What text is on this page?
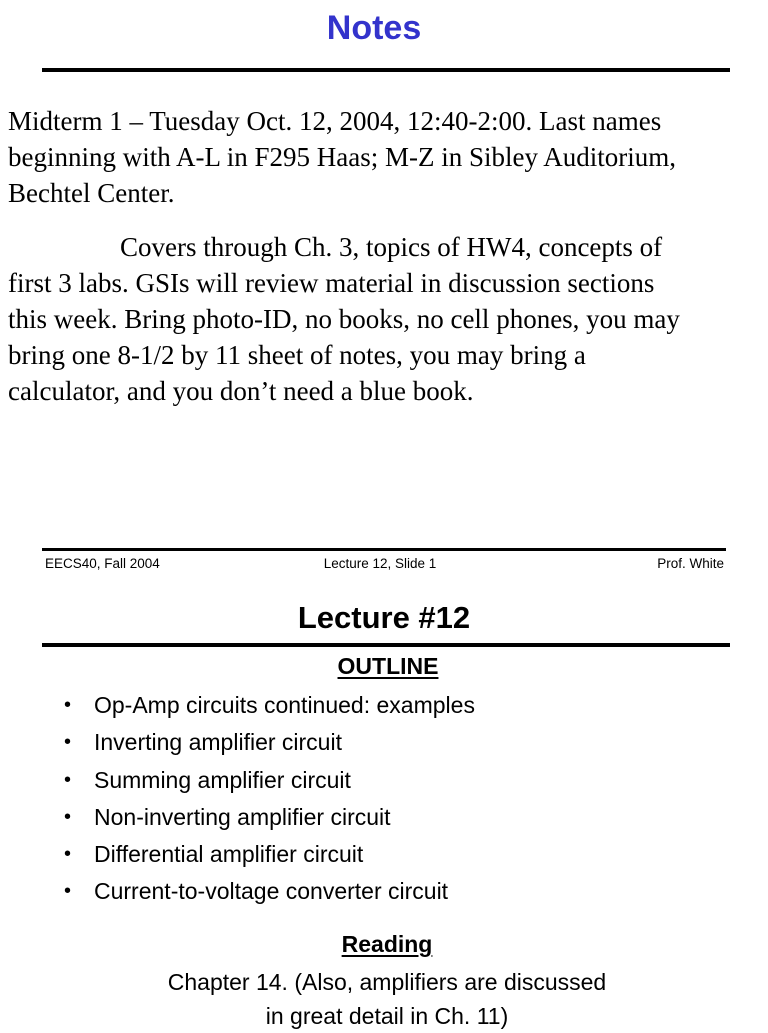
Notes

Midterm 1 – Tuesday Oct. 12, 2004, 12:40-2:00. Last names
beginning with A-L in F295 Haas; M-Z in Sibley Auditorium,
Bechtel Center.

Covers through Ch. 3, topics of HW4, concepts of
first 3 labs. GSIs will review material in discussion sections
this week. Bring photo-ID, no books, no cell phones, you may
bring one 8-1/2 by 11 sheet of notes, you may bring a
calculator, and you don’t need a blue book.

EECS40, Fall 2004	Lecture 12, Slide 1	Prof. White
Lecture #12
OUTLINE
• Op-Amp circuits continued: examples
• Inverting amplifier circuit
• Summing amplifier circuit
• Non-inverting amplifier circuit
• Differential amplifier circuit
• Current-to-voltage converter circuit
Reading
Chapter 14. (Also, amplifiers are discussed
in great detail in Ch. 11)
